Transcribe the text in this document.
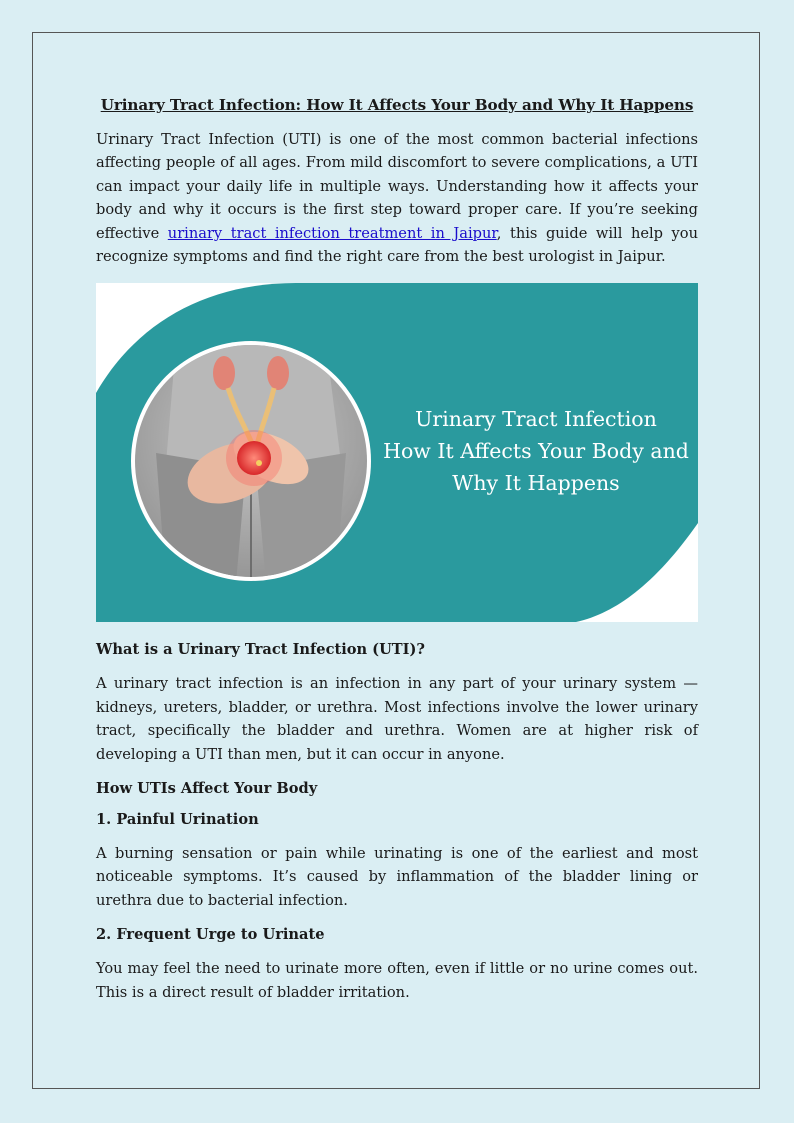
Urinary Tract Infection: How It Affects Your Body and Why It Happens

Urinary Tract Infection (UTI) is one of the most common bacterial infections affecting people of all ages. From mild discomfort to severe complications, a UTI can impact your daily life in multiple ways. Understanding how it affects your body and why it occurs is the first step toward proper care. If you’re seeking effective urinary tract infection treatment in Jaipur, this guide will help you recognize symptoms and find the right care from the best urologist in Jaipur.

Urinary Tract Infection
How It Affects Your Body and
Why It Happens
What is a Urinary Tract Infection (UTI)?

A urinary tract infection is an infection in any part of your urinary system — kidneys, ureters, bladder, or urethra. Most infections involve the lower urinary tract, specifically the bladder and urethra. Women are at higher risk of developing a UTI than men, but it can occur in anyone.

How UTIs Affect Your Body
1. Painful Urination

A burning sensation or pain while urinating is one of the earliest and most noticeable symptoms. It’s caused by inflammation of the bladder lining or urethra due to bacterial infection.

2. Frequent Urge to Urinate

You may feel the need to urinate more often, even if little or no urine comes out. This is a direct result of bladder irritation.
